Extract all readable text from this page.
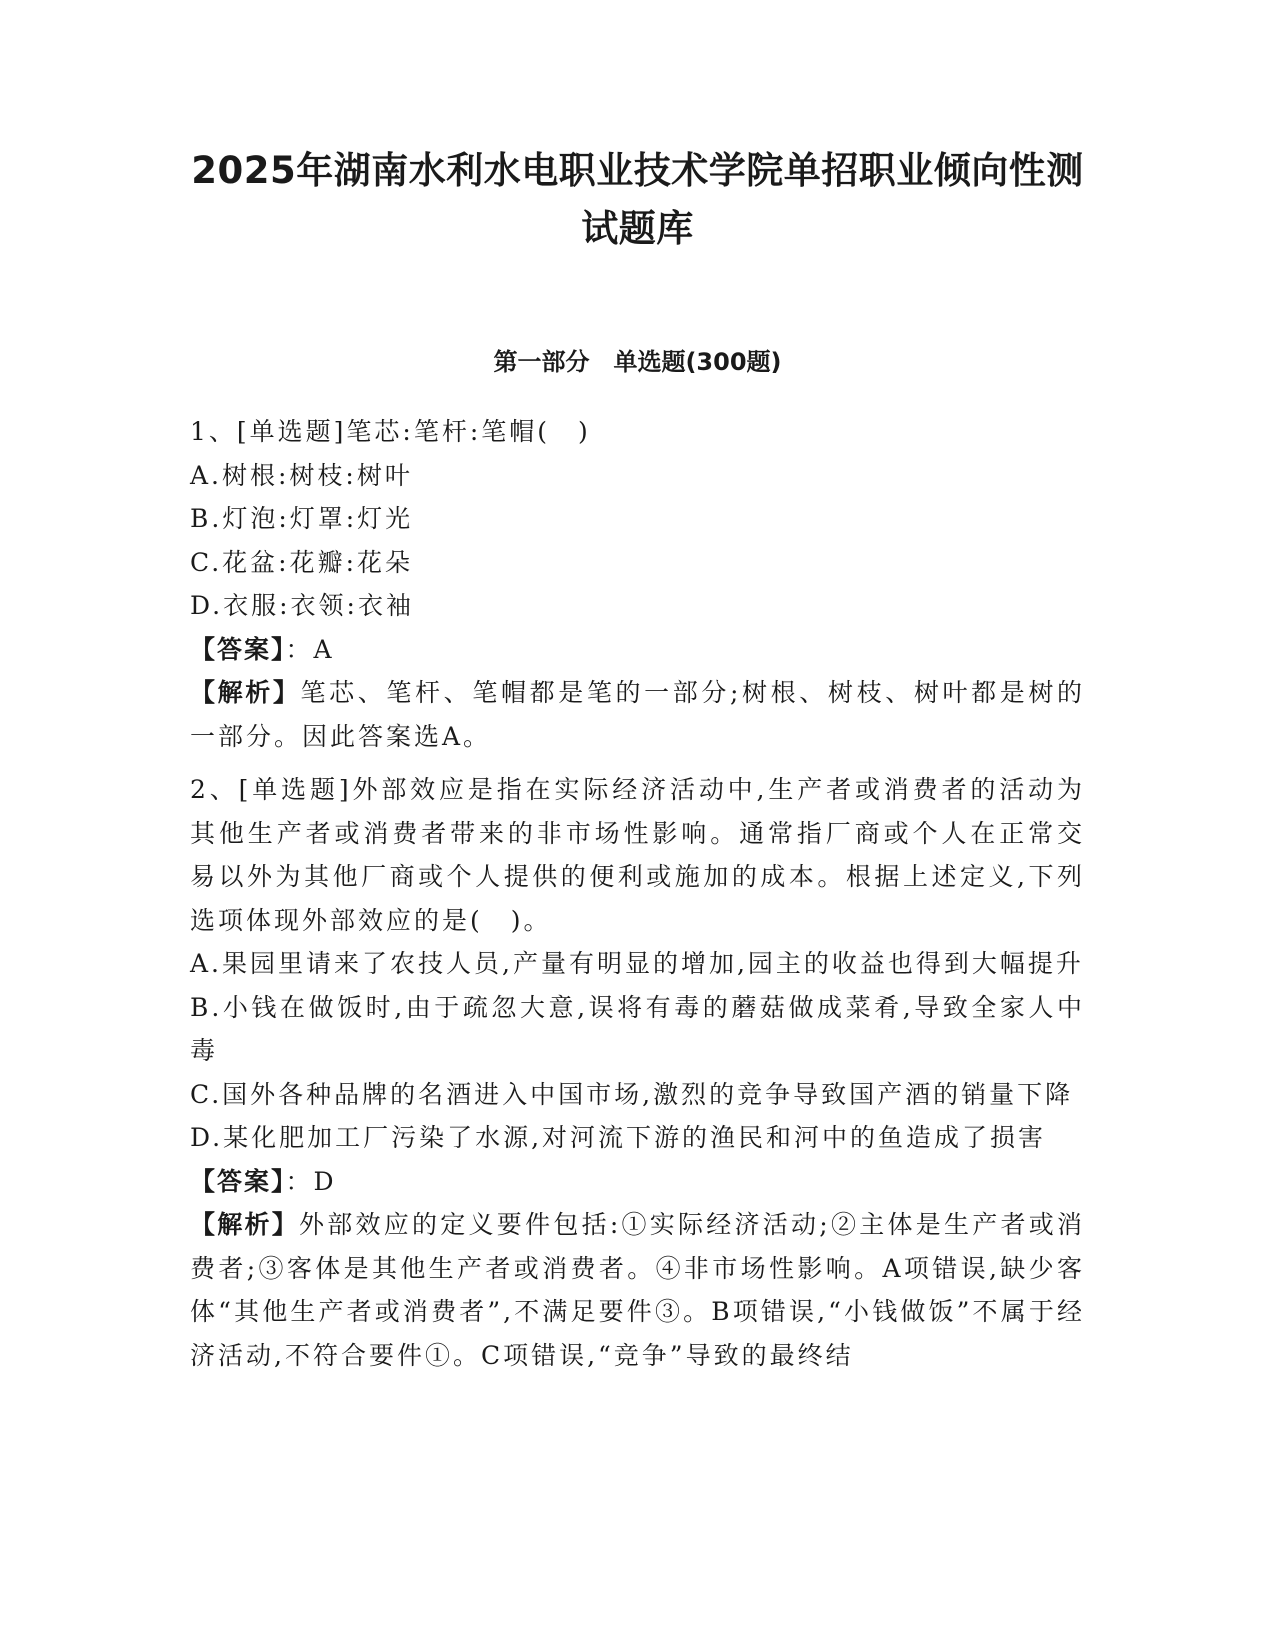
2025年湖南水利水电职业技术学院单招职业倾向性测试题库
第一部分　单选题(300题)

1、[单选题]笔芯:笔杆:笔帽(　)

A.树根:树枝:树叶

B.灯泡:灯罩:灯光

C.花盆:花瓣:花朵

D.衣服:衣领:衣袖

【答案】：A

【解析】笔芯、笔杆、笔帽都是笔的一部分;树根、树枝、树叶都是树的一部分。因此答案选A。

2、[单选题]外部效应是指在实际经济活动中,生产者或消费者的活动为其他生产者或消费者带来的非市场性影响。通常指厂商或个人在正常交易以外为其他厂商或个人提供的便利或施加的成本。根据上述定义,下列选项体现外部效应的是(　)。

A.果园里请来了农技人员,产量有明显的增加,园主的收益也得到大幅提升

B.小钱在做饭时,由于疏忽大意,误将有毒的蘑菇做成菜肴,导致全家人中毒

C.国外各种品牌的名酒进入中国市场,激烈的竞争导致国产酒的销量下降

D.某化肥加工厂污染了水源,对河流下游的渔民和河中的鱼造成了损害

【答案】：D

【解析】外部效应的定义要件包括:①实际经济活动;②主体是生产者或消费者;③客体是其他生产者或消费者。④非市场性影响。A项错误,缺少客体“其他生产者或消费者”,不满足要件③。B项错误,“小钱做饭”不属于经济活动,不符合要件①。C项错误,“竞争”导致的最终结
